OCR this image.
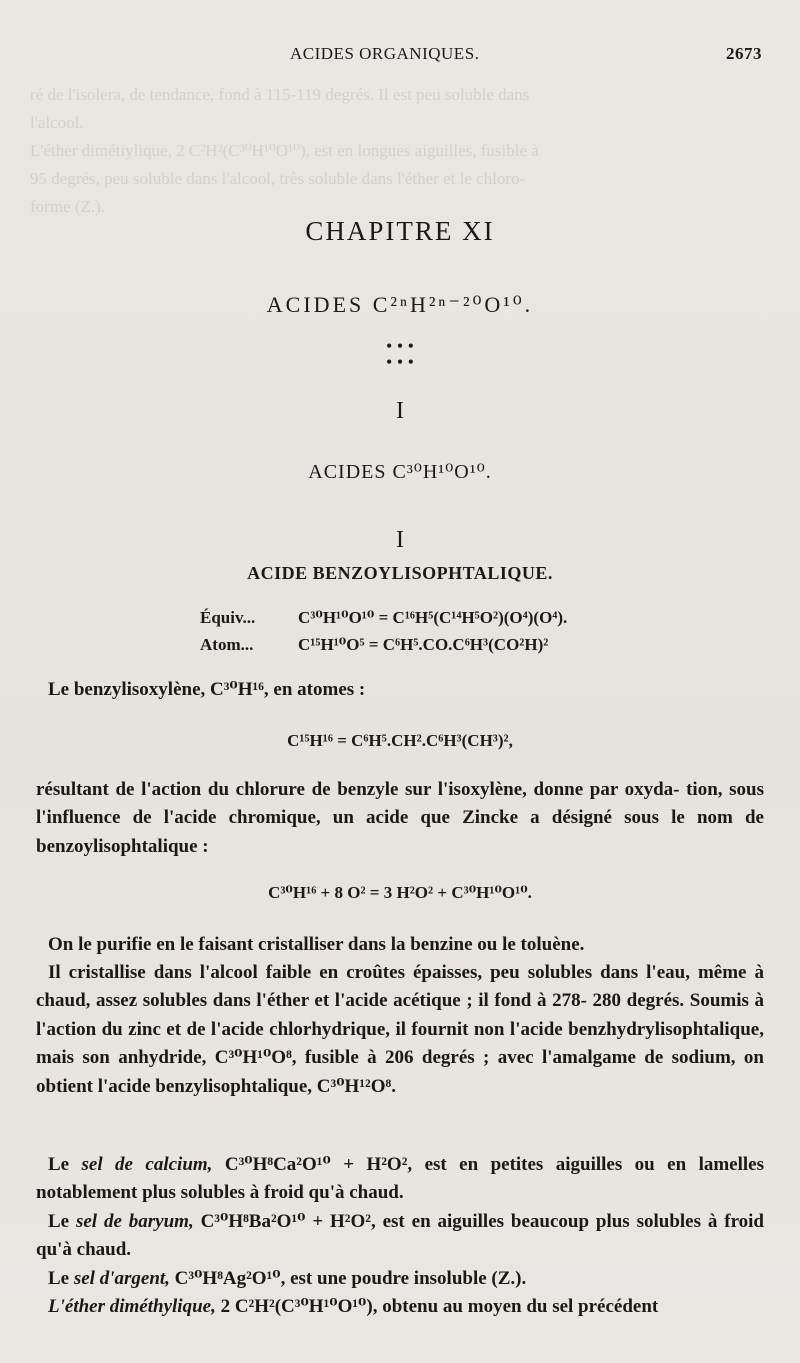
ré de l'isolera, de tendance, fond à 115-119 degrés. Il est peu soluble dans
l'alcool.
L'éther dimétiylique, 2 C²H²(C³⁰H¹⁰O¹⁰), est en longues aiguilles, fusible à
95 degrés, peu soluble dans l'alcool, très soluble dans l'éther et le chloro-
forme (Z.).
ACIDES ORGANIQUES.	2673
CHAPITRE XI
ACIDES C²ⁿH²ⁿ⁻²⁰O¹⁰.
• • •
• • •
I
ACIDES C³⁰H¹⁰O¹⁰.
I
ACIDE BENZOYLISOPHTALIQUE.
Équiv...	C³⁰H¹⁰O¹⁰ = C¹⁶H⁵(C¹⁴H⁵O²)(O⁴)(O⁴).
Atom...	C¹⁵H¹⁰O⁵ = C⁶H⁵.CO.C⁶H³(CO²H)²
Le benzylisoxylène, C³⁰H¹⁶, en atomes :
C¹⁵H¹⁶ = C⁶H⁵.CH².C⁶H³(CH³)²,
résultant de l'action du chlorure de benzyle sur l'isoxylène, donne par oxyda- tion, sous l'influence de l'acide chromique, un acide que Zincke a désigné sous le nom de benzoylisophtalique :
C³⁰H¹⁶ + 8 O² = 3 H²O² + C³⁰H¹⁰O¹⁰.
On le purifie en le faisant cristalliser dans la benzine ou le toluène.
Il cristallise dans l'alcool faible en croûtes épaisses, peu solubles dans l'eau, même à chaud, assez solubles dans l'éther et l'acide acétique ; il fond à 278- 280 degrés. Soumis à l'action du zinc et de l'acide chlorhydrique, il fournit non l'acide benzhydrylisophtalique, mais son anhydride, C³⁰H¹⁰O⁸, fusible à 206 degrés ; avec l'amalgame de sodium, on obtient l'acide benzylisophtalique, C³⁰H¹²O⁸.
Le sel de calcium, C³⁰H⁸Ca²O¹⁰ + H²O², est en petites aiguilles ou en lamelles notablement plus solubles à froid qu'à chaud.
Le sel de baryum, C³⁰H⁸Ba²O¹⁰ + H²O², est en aiguilles beaucoup plus solubles à froid qu'à chaud.
Le sel d'argent, C³⁰H⁸Ag²O¹⁰, est une poudre insoluble (Z.).
L'éther diméthylique, 2 C²H²(C³⁰H¹⁰O¹⁰), obtenu au moyen du sel précédent
